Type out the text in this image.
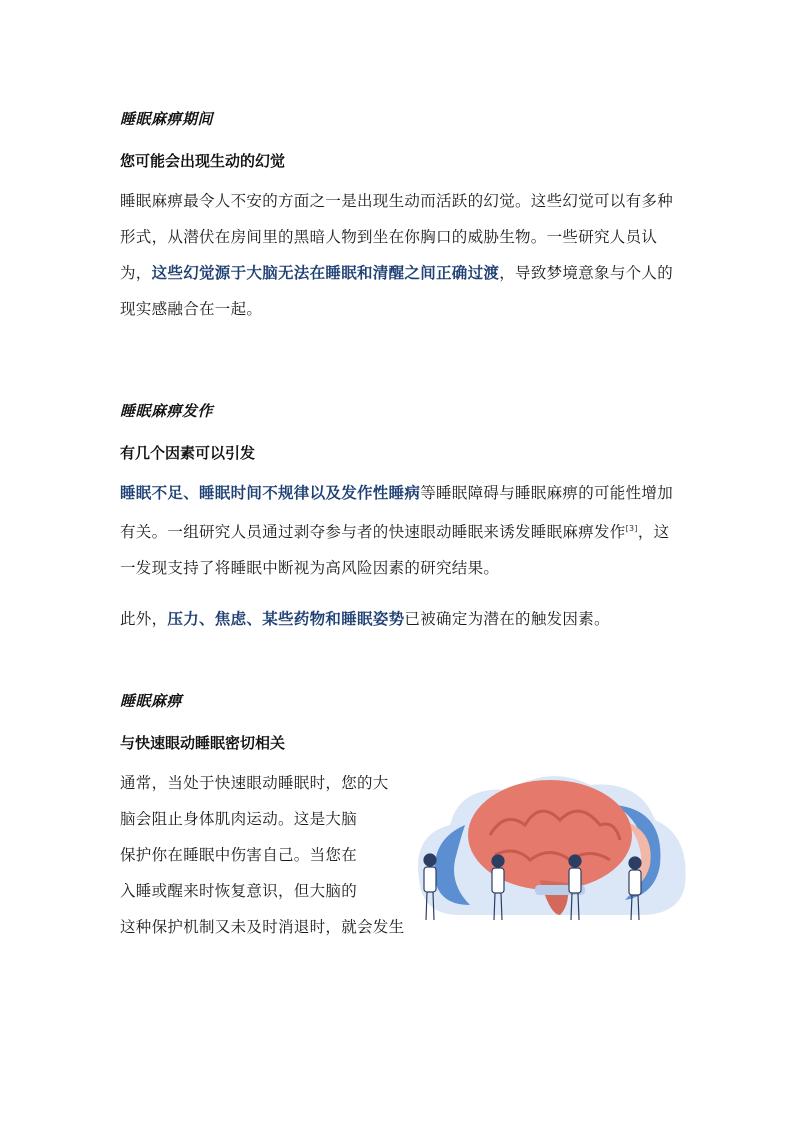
睡眠麻痹期间
您可能会出现生动的幻觉
睡眠麻痹最令人不安的方面之一是出现生动而活跃的幻觉。这些幻觉可以有多种形式，从潜伏在房间里的黑暗人物到坐在你胸口的威胁生物。一些研究人员认为，这些幻觉源于大脑无法在睡眠和清醒之间正确过渡，导致梦境意象与个人的现实感融合在一起。
睡眠麻痹发作
有几个因素可以引发
睡眠不足、睡眠时间不规律以及发作性睡病等睡眠障碍与睡眠麻痹的可能性增加有关。一组研究人员通过剥夺参与者的快速眼动睡眠来诱发睡眠麻痹发作[3]，这一发现支持了将睡眠中断视为高风险因素的研究结果。
此外，压力、焦虑、某些药物和睡眠姿势已被确定为潜在的触发因素。
睡眠麻痹
与快速眼动睡眠密切相关
通常，当处于快速眼动睡眠时，您的大
脑会阻止身体肌肉运动。这是大脑
保护你在睡眠中伤害自己。当您在
入睡或醒来时恢复意识，但大脑的
这种保护机制又未及时消退时，就会发生
